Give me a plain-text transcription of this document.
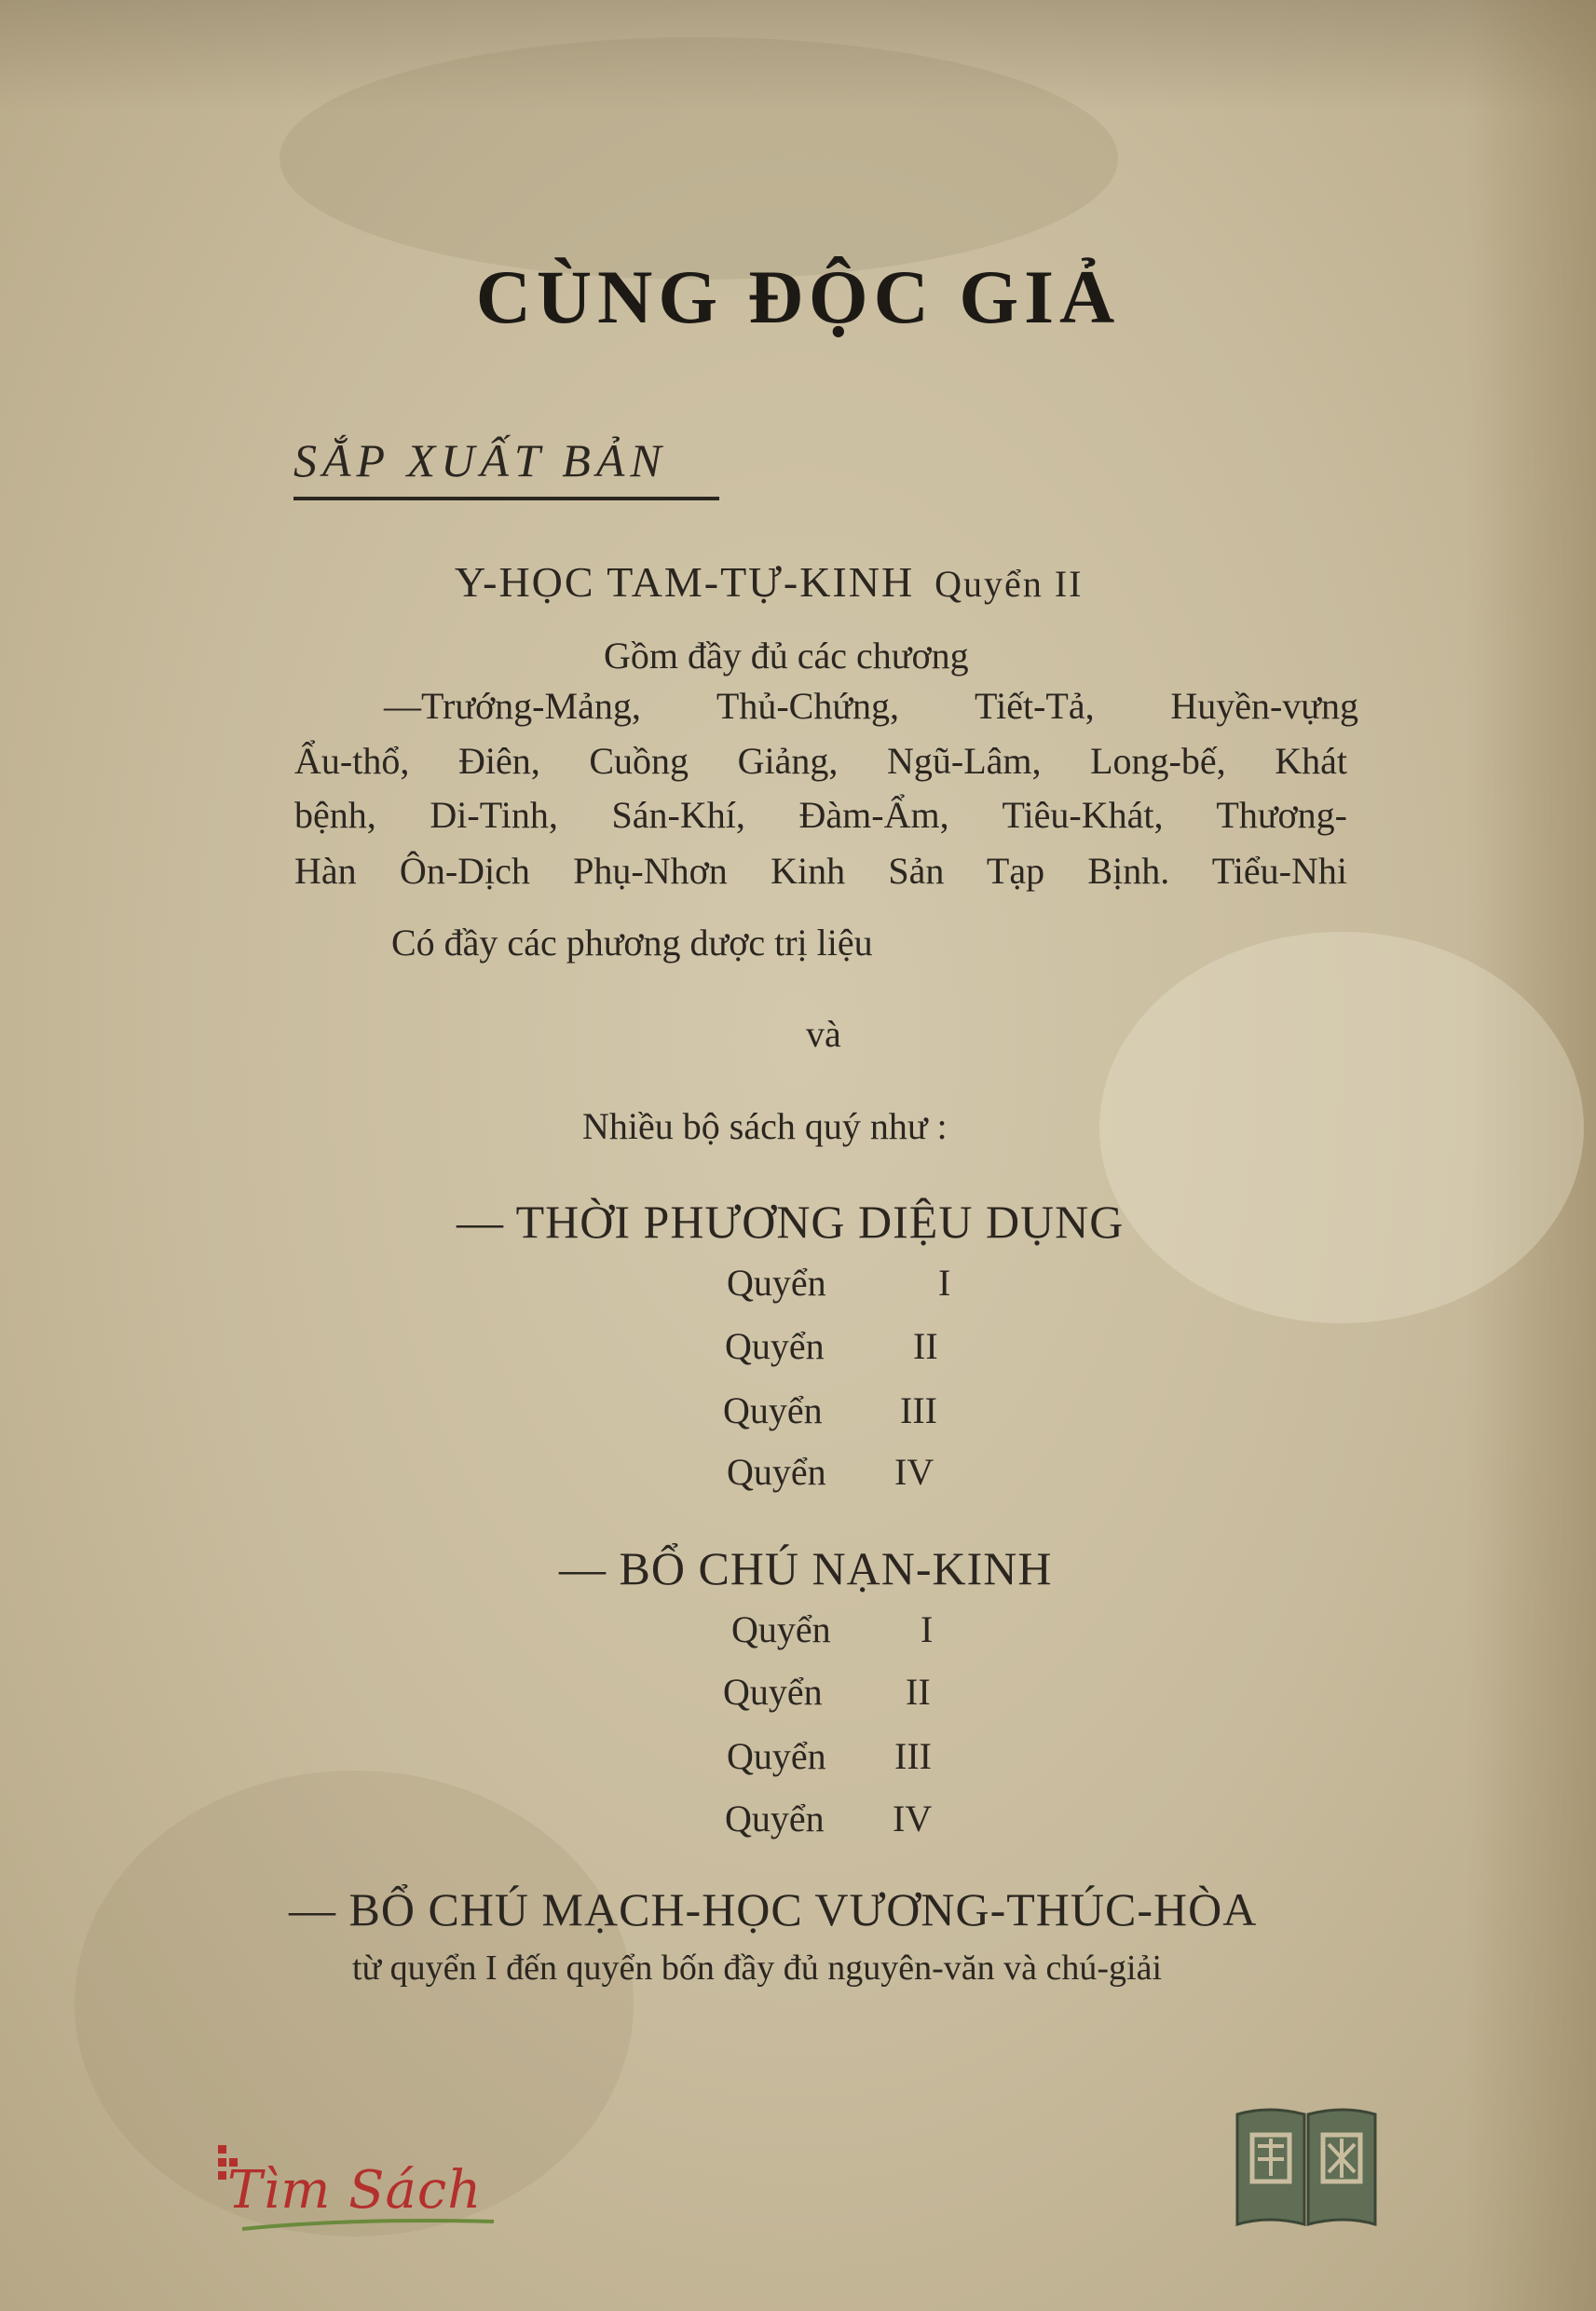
CÙNG ĐỘC GIẢ
SẮP XUẤT BẢN
Y-HỌC TAM-TỰ-KINH Quyển II
Gồm đầy đủ các chương
—Trướng-Mảng, Thủ-Chứng, Tiết-Tả, Huyền-vựng
Ẩu-thổ, Điên, Cuồng Giảng, Ngũ-Lâm, Long-bế, Khát
bệnh, Di-Tinh, Sán-Khí, Đàm-Ẩm, Tiêu-Khát, Thương-
Hàn Ôn-Dịch Phụ-Nhơn Kinh Sản Tạp Bịnh. Tiểu-Nhi
Có đầy các phương dược trị liệu
và
Nhiều bộ sách quý như :
— THỜI PHƯƠNG DIỆU DỤNG
Quyển	I
Quyển II
Quyển III
Quyển IV
— BỔ CHÚ NẠN-KINH
Quyển I
Quyển II
Quyển III
Quyển IV
— BỔ CHÚ MẠCH-HỌC VƯƠNG-THÚC-HÒA
từ quyển I đến quyển bốn đầy đủ nguyên-văn và chú-giải
Tìm Sách
